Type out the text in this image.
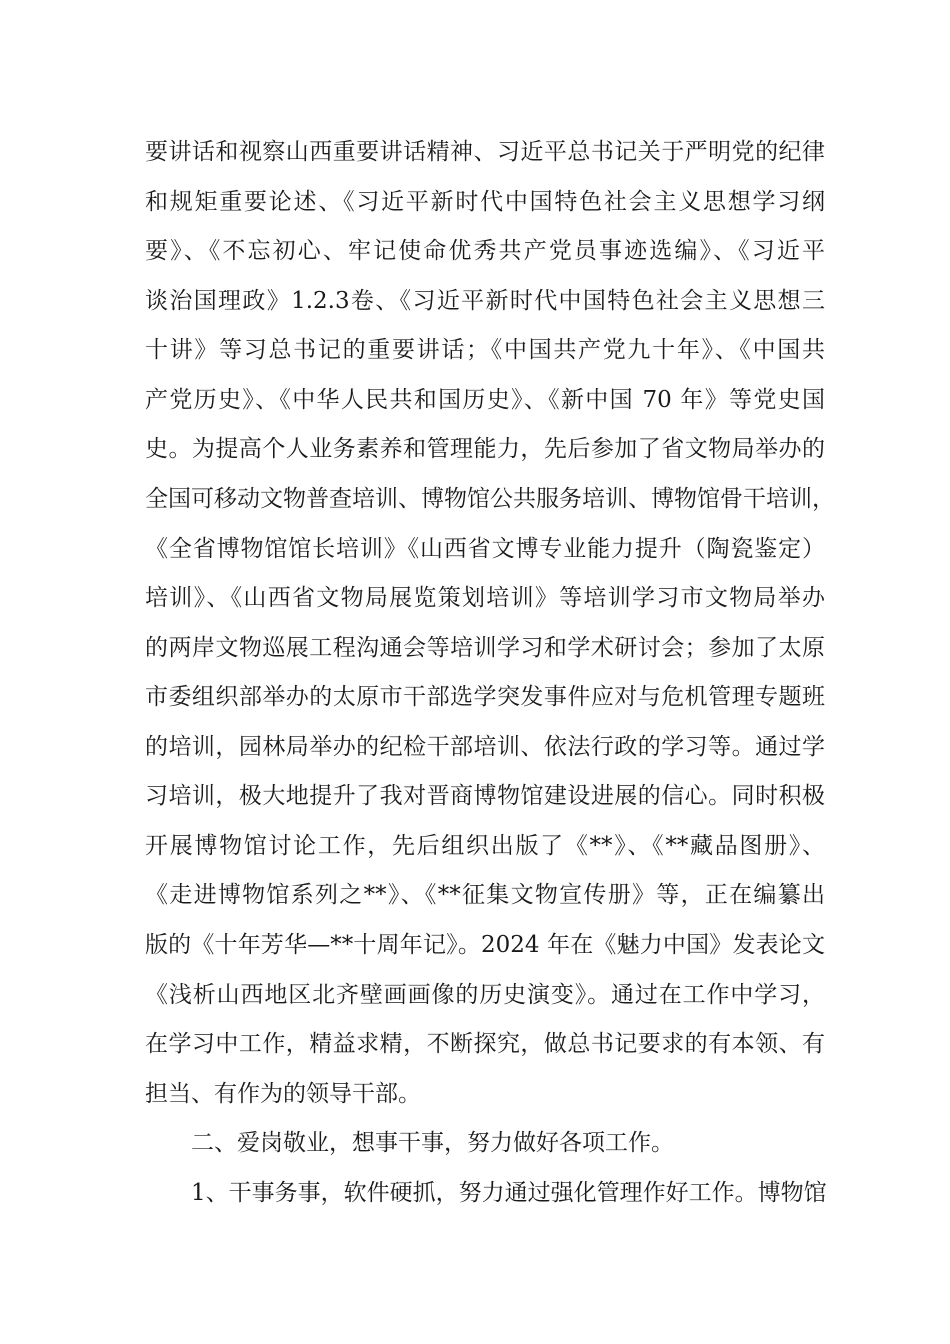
要讲话和视察山西重要讲话精神、习近平总书记关于严明党的纪律
和规矩重要论述、《习近平新时代中国特色社会主义思想学习纲
要》、《不忘初心、牢记使命优秀共产党员事迹选编》、《习近平
谈治国理政》1.2.3卷、《习近平新时代中国特色社会主义思想三
十讲》等习总书记的重要讲话；《中国共产党九十年》、《中国共
产党历史》、《中华人民共和国历史》、《新中国 70 年》等党史国
史。为提高个人业务素养和管理能力，先后参加了省文物局举办的
全国可移动文物普查培训、博物馆公共服务培训、博物馆骨干培训，
《全省博物馆馆长培训》《山西省文博专业能力提升（陶瓷鉴定）
培训》、《山西省文物局展览策划培训》等培训学习市文物局举办
的两岸文物巡展工程沟通会等培训学习和学术研讨会；参加了太原
市委组织部举办的太原市干部选学突发事件应对与危机管理专题班
的培训，园林局举办的纪检干部培训、依法行政的学习等。通过学
习培训，极大地提升了我对晋商博物馆建设进展的信心。同时积极
开展博物馆讨论工作，先后组织出版了《**》、《**藏品图册》、
《走进博物馆系列之**》、《**征集文物宣传册》等，正在编纂出
版的《十年芳华—**十周年记》。2024 年在《魅力中国》发表论文
《浅析山西地区北齐壁画画像的历史演变》。通过在工作中学习，
在学习中工作，精益求精，不断探究，做总书记要求的有本领、有
担当、有作为的领导干部。
二、爱岗敬业，想事干事，努力做好各项工作。
1、干事务事，软件硬抓，努力通过强化管理作好工作。博物馆
